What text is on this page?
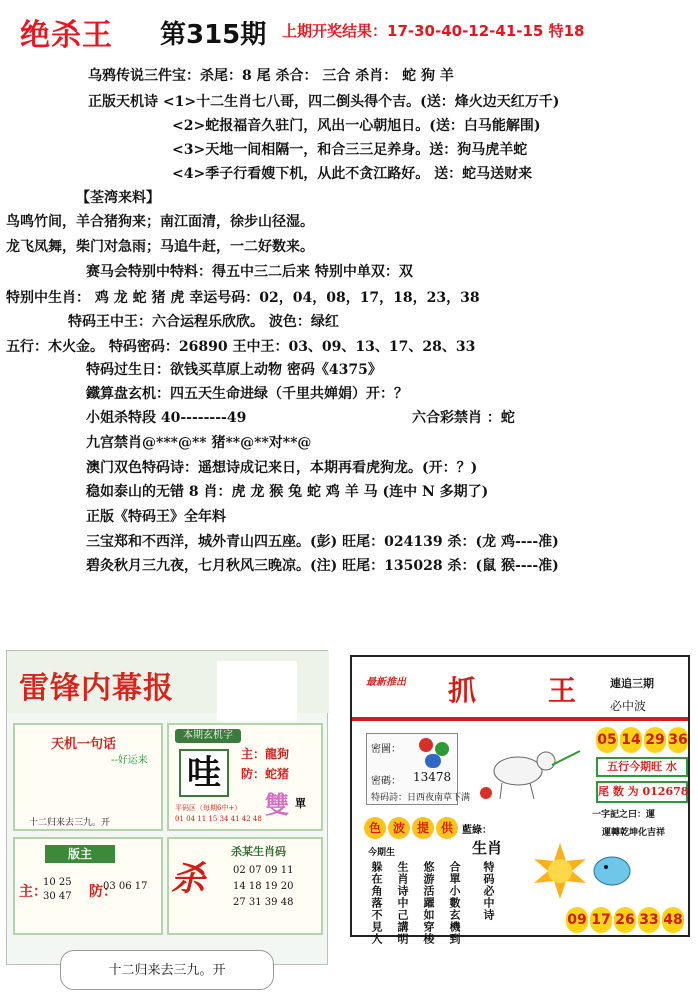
绝杀王 第315期 上期开奖结果：17-30-40-12-41-15 特18
乌鸦传说三件宝：杀尾：8 尾 杀合： 三合 杀肖： 蛇 狗 羊
正版天机诗 <1>十二生肖七八哥，四二倒头得个吉。(送：烽火边天红万千)
<2>蛇报福音久驻门，风出一心朝旭日。(送：白马能解围)
<3>天地一间相隔一，和合三三足养身。送：狗马虎羊蛇
<4>季子行看嫂下机，从此不贪江路好。 送：蛇马送财来
【荃湾来料】
鸟鸣竹间，羊合猪狗来；南江面清，徐步山径湿。
龙飞凤舞，柴门对急雨；马追牛赶，一二好数来。
赛马会特别中特料：得五中三二后来 特别中单双：双
特别中生肖： 鸡 龙 蛇 猪 虎 幸运号码：02，04，08，17，18，23，38
特码王中王：六合运程乐欣欣。 波色：绿红
五行：木火金。 特码密码：26890 王中王：03、09、13、17、28、33
特码过生日：欲钱买草原上动物 密码《4375》
鐵算盘玄机：四五天生命进绿（千里共婵娟）开：？
小姐杀特段 40--------49	六合彩禁肖 ：蛇
九宫禁肖@***@** 猪**@**对**@
澳门双色特码诗：遥想诗成记来日，本期再看虎狗龙。(开：？)
稳如泰山的无错 8 肖：虎 龙 猴 兔 蛇 鸡 羊 马 (连中 N 多期了)
正版《特码王》全年料
三宝郑和不西洋，城外青山四五座。(彭) 旺尾：024139 杀：(龙 鸡----准)
碧灸秋月三九夜，七月秋风三晚凉。(注) 旺尾：135028 杀：(鼠 猴----准)
雷锋内幕报
天机一句话
--好运来
十二归来去三九。开
本期玄机字
哇	主：龍狗
防：蛇猪
雙 單
平码区（每期6中+）
01 04 11 15 34 41 42 48
版主
主：	防：
10 25
30 47
03 06 17 杀
杀某生肖码
02 07 09 11
14 18 19 20
27 31 39 48
十二归来去三九。开
最新推出 抓	王	連追三期
必中波
05 14 29 36
密圖：
密碼： 13478
特码詩： 日西夜南草下满
五行今期旺 水
尾 数 为 012678
色 波 提 供 藍綠：
一字記之曰：運
運轉乾坤化吉祥
今期生
躲在角落不見人 生肖诗中己講明 悠游活躍如穿梭 合單小數玄機到
生肖
特码必中诗	09 17 26 33 48
